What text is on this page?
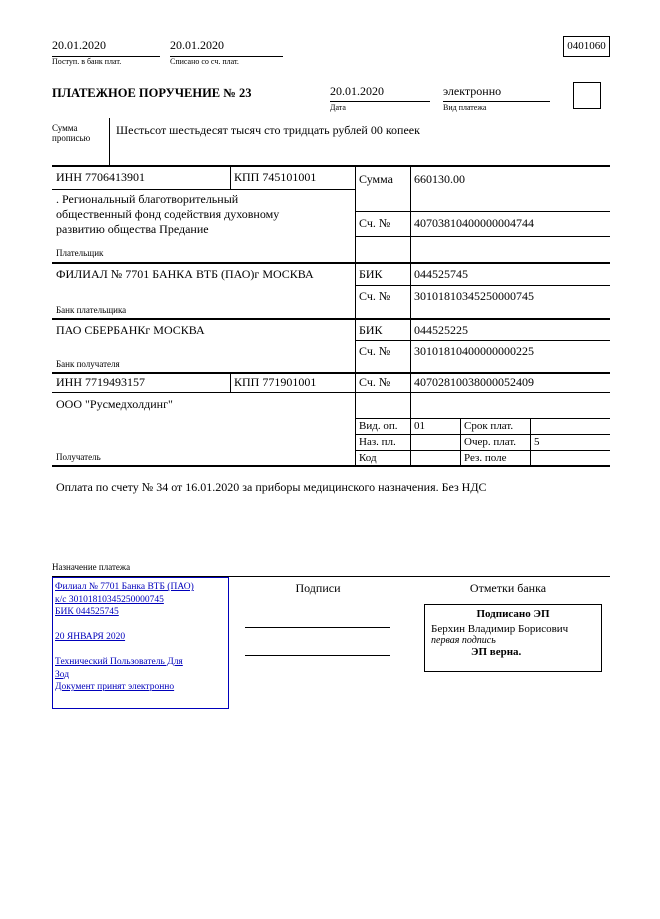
20.01.2020
Поступ. в банк плат.
20.01.2020
Списано со сч. плат.
0401060
ПЛАТЕЖНОЕ ПОРУЧЕНИЕ № 23	20.01.2020
Дата
электронно
Вид платежа
Сумма прописью
Шестьсот шестьдесят тысяч сто тридцать рублей 00 копеек
ИНН 7706413901	КПП 745101001	Сумма 660130.00
. Региональный благотворительный общественный фонд содействия духовному развитию общества Предание	Сч. № 40703810400000004744
Плательщик
ФИЛИАЛ № 7701 БАНКА ВТБ (ПАО)г МОСКВА	БИК	044525745
Сч. № 30101810345250000745
Банк плательщика
ПАО СБЕРБАНКг МОСКВА	БИК	044525225
Сч. № 30101810400000000225
Банк получателя
ИНН 7719493157	КПП 771901001	Сч. № 40702810038000052409
ООО "Русмедхолдинг"
Получатель
Вид. оп. 01	Срок плат.
Наз. пл.	Очер. плат. 5
Код	Рез. поле
Оплата по счету № 34 от 16.01.2020 за приборы медицинского назначения. Без НДС
Назначение платежа
Филиал № 7701 Банка ВТБ (ПАО)
к/с 30101810345250000745
БИК 044525745
20 ЯНВАРЯ 2020
Технический Пользователь Для
Зод
Документ принят электронно
Подписи	Отметки банка
Подписано ЭП
Берхин Владимир Борисович
первая подпись
ЭП верна.
